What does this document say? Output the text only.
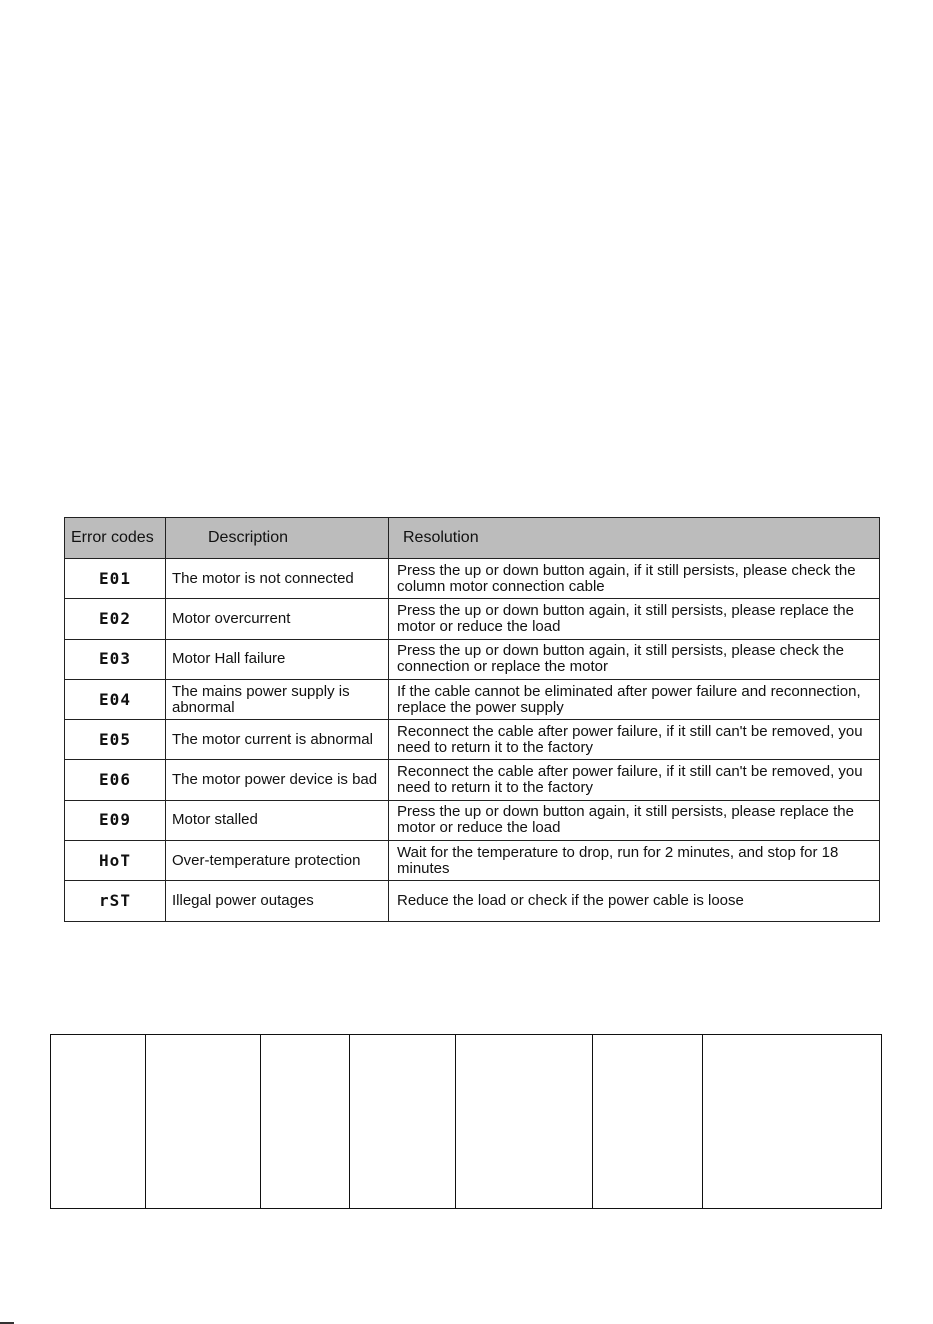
Error codes	Description	Resolution
E01	The motor is not connected	Press the up or down button again, if it still persists, please check the column motor connection cable
E02	Motor overcurrent	Press the up or down button again, it still persists, please replace the motor or reduce the load
E03	Motor Hall failure	Press the up or down button again, it still persists, please check the connection or replace the motor
E04	The mains power supply is abnormal	If the cable cannot be eliminated after power failure and reconnection, replace the power supply
E05	The motor current is abnormal	Reconnect the cable after power failure, if it still can't be removed, you need to return it to the factory
E06	The motor power device is bad	Reconnect the cable after power failure, if it still can't be removed, you need to return it to the factory
E09	Motor stalled	Press the up or down button again, it still persists, please replace the motor or reduce the load
HoT	Over-temperature protection	Wait for the temperature to drop, run for 2 minutes, and stop for 18 minutes
rST	Illegal power outages	Reduce the load or check if the power cable is loose
